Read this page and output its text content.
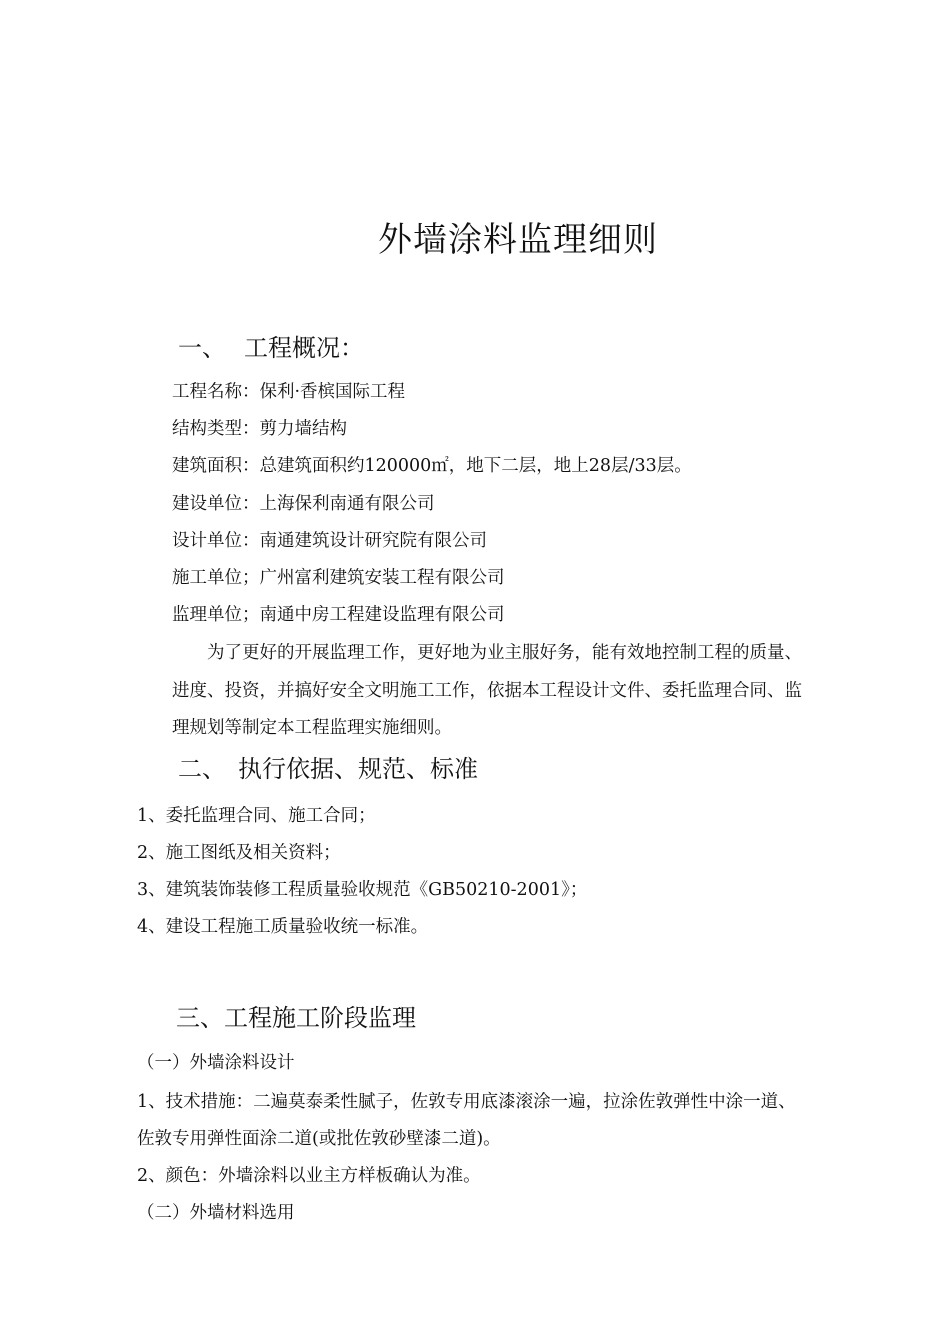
外墙涂料监理细则
一、 工程概况：
工程名称：保利·香槟国际工程
结构类型：剪力墙结构
建筑面积：总建筑面积约120000㎡，地下二层，地上28层/33层。
建设单位：上海保利南通有限公司
设计单位：南通建筑设计研究院有限公司
施工单位；广州富利建筑安装工程有限公司
监理单位；南通中房工程建设监理有限公司
为了更好的开展监理工作，更好地为业主服好务，能有效地控制工程的质量、
进度、投资，并搞好安全文明施工工作，依据本工程设计文件、委托监理合同、监
理规划等制定本工程监理实施细则。
二、 执行依据、规范、标准
1、委托监理合同、施工合同；
2、施工图纸及相关资料；
3、建筑装饰装修工程质量验收规范《GB50210-2001》；
4、建设工程施工质量验收统一标准。
三、工程施工阶段监理
（一）外墙涂料设计
1、技术措施：二遍莫泰柔性腻子，佐敦专用底漆滚涂一遍，拉涂佐敦弹性中涂一道、
佐敦专用弹性面涂二道(或批佐敦砂壁漆二道)。
2、颜色：外墙涂料以业主方样板确认为准。
（二）外墙材料选用
